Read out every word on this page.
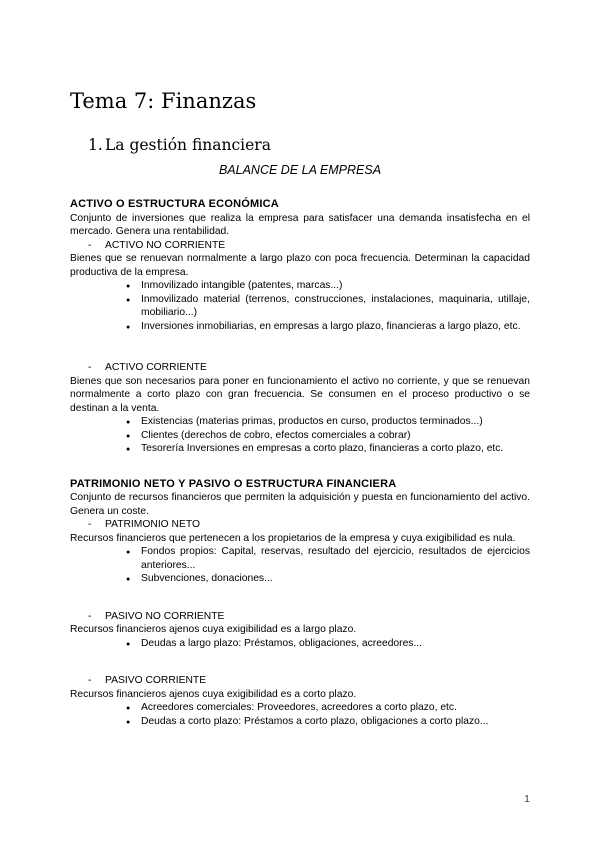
Tema 7: Finanzas
1. La gestión financiera
BALANCE DE LA EMPRESA
ACTIVO O ESTRUCTURA ECONÓMICA
Conjunto de inversiones que realiza la empresa para satisfacer una demanda insatisfecha en el mercado. Genera una rentabilidad.
-	ACTIVO NO CORRIENTE
Bienes que se renuevan normalmente a largo plazo con poca frecuencia. Determinan la capacidad productiva de la empresa.
●	Inmovilizado intangible (patentes, marcas...)
●	Inmovilizado material (terrenos, construcciones, instalaciones, maquinaria, utillaje, mobiliario...)
●	Inversiones inmobiliarias, en empresas a largo plazo, financieras a largo plazo, etc.
-	ACTIVO CORRIENTE
Bienes que son necesarios para poner en funcionamiento el activo no corriente, y que se renuevan normalmente a corto plazo con gran frecuencia. Se consumen en el proceso productivo o se destinan a la venta.
●	Existencias (materias primas, productos en curso, productos terminados...)
●	Clientes (derechos de cobro, efectos comerciales a cobrar)
●	Tesorería Inversiones en empresas a corto plazo, financieras a corto plazo, etc.
PATRIMONIO NETO Y PASIVO O ESTRUCTURA FINANCIERA
Conjunto de recursos financieros que permiten la adquisición y puesta en funcionamiento del activo. Genera un coste.
-	PATRIMONIO NETO
Recursos financieros que pertenecen a los propietarios de la empresa y cuya exigibilidad es nula.
●	Fondos propios: Capital, reservas, resultado del ejercicio, resultados de ejercicios anteriores...
●	Subvenciones, donaciones...
-	PASIVO NO CORRIENTE
Recursos financieros ajenos cuya exigibilidad es a largo plazo.
●	Deudas a largo plazo: Préstamos, obligaciones, acreedores...
-	PASIVO CORRIENTE
Recursos financieros ajenos cuya exigibilidad es a corto plazo.
●	Acreedores comerciales: Proveedores, acreedores a corto plazo, etc.
●	Deudas a corto plazo: Préstamos a corto plazo, obligaciones a corto plazo...
1
